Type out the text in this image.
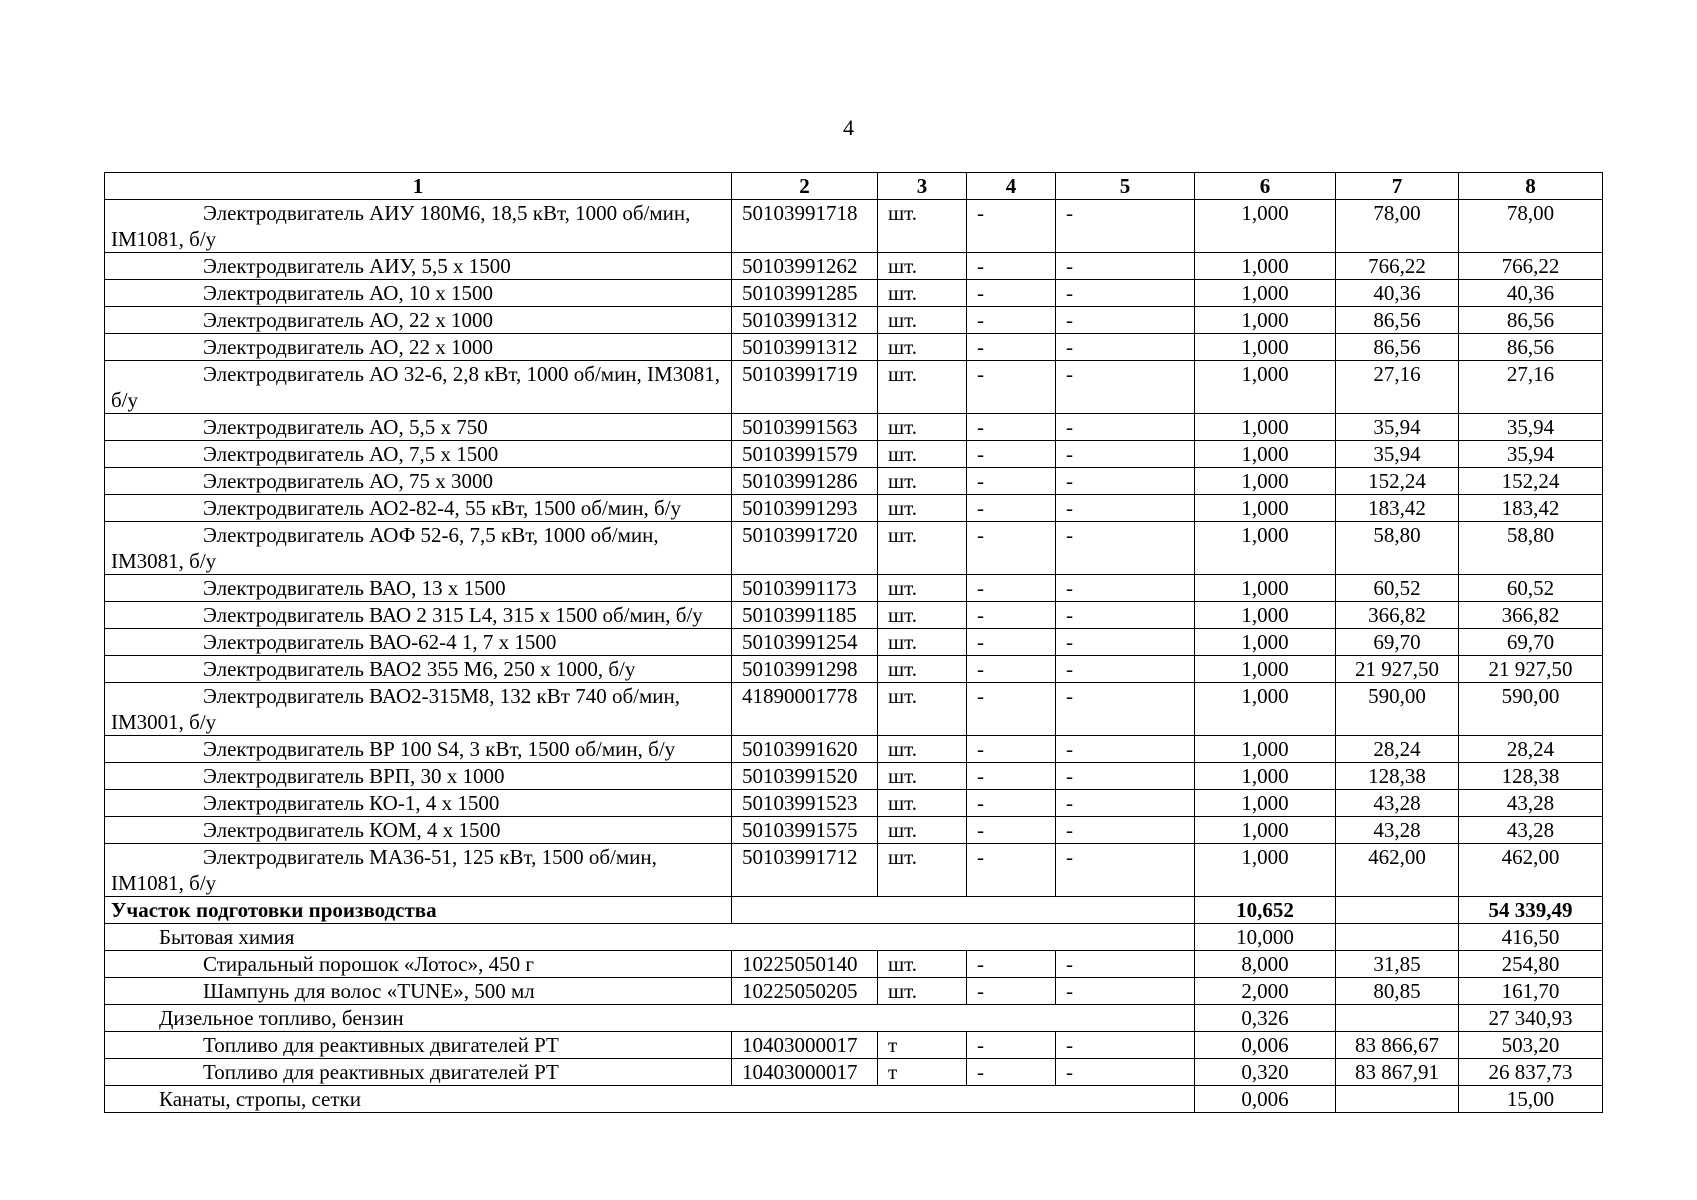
4
1	2	3	4	5	6	7	8
Электродвигатель АИУ 180М6, 18,5 кВт, 1000 об/мин, IM1081, б/у	50103991718	шт.	-	-	1,000	78,00	78,00
Электродвигатель АИУ, 5,5 х 1500	50103991262	шт.	-	-	1,000	766,22	766,22
Электродвигатель АО, 10 х 1500	50103991285	шт.	-	-	1,000	40,36	40,36
Электродвигатель АО, 22 х 1000	50103991312	шт.	-	-	1,000	86,56	86,56
Электродвигатель АО, 22 х 1000	50103991312	шт.	-	-	1,000	86,56	86,56
Электродвигатель АО 32-6, 2,8 кВт, 1000 об/мин, IM3081, б/у	50103991719	шт.	-	-	1,000	27,16	27,16
Электродвигатель АО, 5,5 х 750	50103991563	шт.	-	-	1,000	35,94	35,94
Электродвигатель АО, 7,5 х 1500	50103991579	шт.	-	-	1,000	35,94	35,94
Электродвигатель АО, 75 х 3000	50103991286	шт.	-	-	1,000	152,24	152,24
Электродвигатель АО2-82-4, 55 кВт, 1500 об/мин, б/у	50103991293	шт.	-	-	1,000	183,42	183,42
Электродвигатель АОФ 52-6, 7,5 кВт, 1000 об/мин, IM3081, б/у	50103991720	шт.	-	-	1,000	58,80	58,80
Электродвигатель ВАО, 13 х 1500	50103991173	шт.	-	-	1,000	60,52	60,52
Электродвигатель ВАО 2 315 L4, 315 х 1500 об/мин, б/у	50103991185	шт.	-	-	1,000	366,82	366,82
Электродвигатель ВАО-62-4 1, 7 х 1500	50103991254	шт.	-	-	1,000	69,70	69,70
Электродвигатель ВАО2 355 М6, 250 х 1000, б/у	50103991298	шт.	-	-	1,000	21 927,50	21 927,50
Электродвигатель ВАО2-315М8, 132 кВт 740 об/мин, IM3001, б/у	41890001778	шт.	-	-	1,000	590,00	590,00
Электродвигатель ВР 100 S4, 3 кВт, 1500 об/мин, б/у	50103991620	шт.	-	-	1,000	28,24	28,24
Электродвигатель ВРП, 30 х 1000	50103991520	шт.	-	-	1,000	128,38	128,38
Электродвигатель КО-1, 4 х 1500	50103991523	шт.	-	-	1,000	43,28	43,28
Электродвигатель КОМ, 4 х 1500	50103991575	шт.	-	-	1,000	43,28	43,28
Электродвигатель МА36-51, 125 кВт, 1500 об/мин, IM1081, б/у	50103991712	шт.	-	-	1,000	462,00	462,00
Участок подготовки производства					10,652		54 339,49
Бытовая химия					10,000		416,50
Стиральный порошок «Лотос», 450 г	10225050140	шт.	-	-	8,000	31,85	254,80
Шампунь для волос «TUNE», 500 мл	10225050205	шт.	-	-	2,000	80,85	161,70
Дизельное топливо, бензин					0,326		27 340,93
Топливо для реактивных двигателей РТ	10403000017	т	-	-	0,006	83 866,67	503,20
Топливо для реактивных двигателей РТ	10403000017	т	-	-	0,320	83 867,91	26 837,73
Канаты, стропы, сетки					0,006		15,00
